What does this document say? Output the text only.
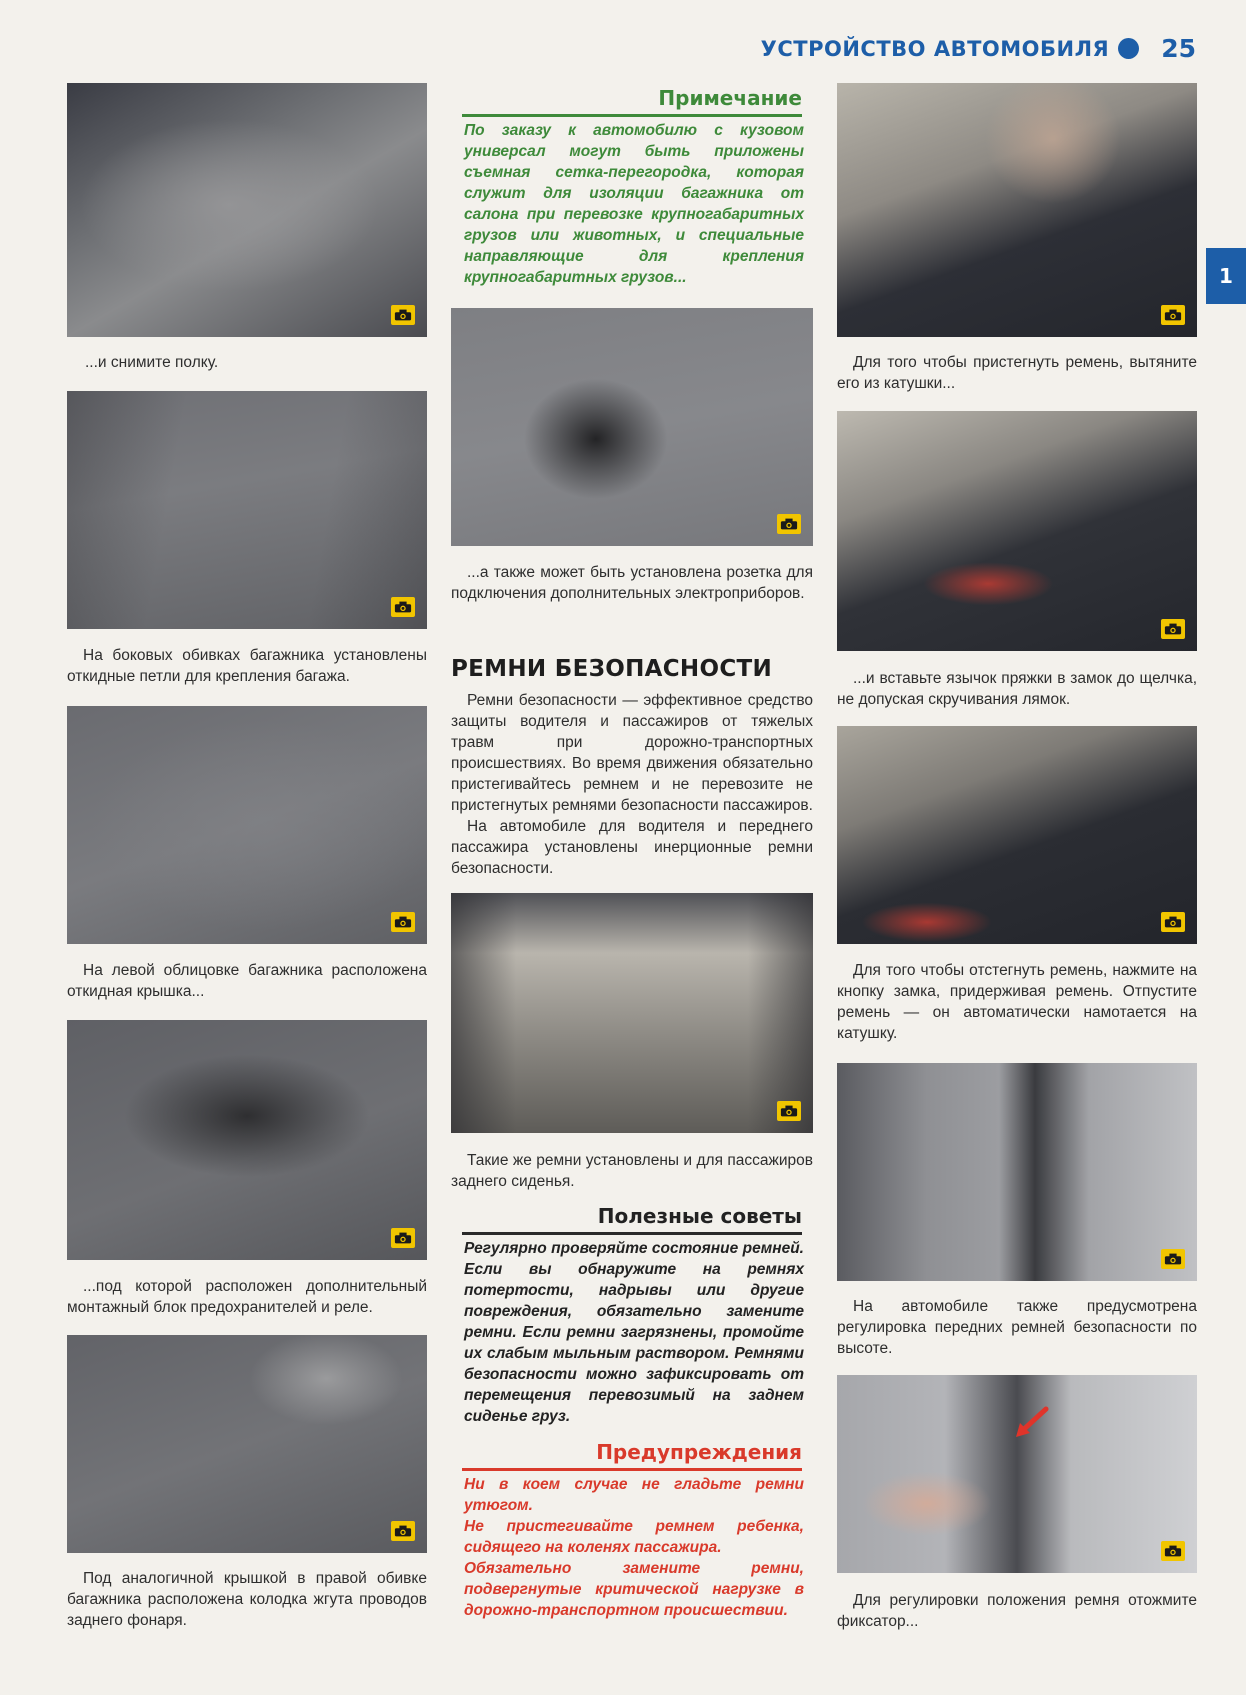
УСТРОЙСТВО АВТОМОБИЛЯ 25
1

...и снимите полку.

На боковых обивках багажника установлены откидные петли для крепления багажа.

На левой облицовке багажника расположена откидная крышка...

...под которой расположен дополнительный монтажный блок предохранителей и реле.

Под аналогичной крышкой в правой обивке багажника расположена колодка жгута проводов заднего фонаря.

Примечание

По заказу к автомобилю с кузовом универсал могут быть приложены съемная сетка-перегородка, которая служит для изоляции багажника от салона при перевозке крупногабаритных грузов или животных, и специальные направляющие для крепления крупногабаритных грузов...

...а также может быть установлена розетка для подключения дополнительных электроприборов.

РЕМНИ БЕЗОПАСНОСТИ

Ремни безопасности — эффективное средство защиты водителя и пассажиров от тяжелых травм при дорожно-транспортных происшествиях. Во время движения обязательно пристегивайтесь ремнем и не перевозите не пристегнутых ремнями безопасности пассажиров.

На автомобиле для водителя и переднего пассажира установлены инерционные ремни безопасности.

Такие же ремни установлены и для пассажиров заднего сиденья.

Полезные советы

Регулярно проверяйте состояние ремней. Если вы обнаружите на ремнях потертости, надрывы или другие повреждения, обязательно замените ремни. Если ремни загрязнены, промойте их слабым мыльным раствором. Ремнями безопасности можно зафиксировать от перемещения перевозимый на заднем сиденье груз.

Предупреждения

Ни в коем случае не гладьте ремни утюгом.

Не пристегивайте ремнем ребенка, сидящего на коленях пассажира.

Обязательно замените ремни, подвергнутые критической нагрузке в дорожно-транспортном происшествии.

Для того чтобы пристегнуть ремень, вытяните его из катушки...

...и вставьте язычок пряжки в замок до щелчка, не допуская скручивания лямок.

Для того чтобы отстегнуть ремень, нажмите на кнопку замка, придерживая ремень. Отпустите ремень — он автоматически намотается на катушку.

На автомобиле также предусмотрена регулировка передних ремней безопасности по высоте.

Для регулировки положения ремня отожмите фиксатор...
